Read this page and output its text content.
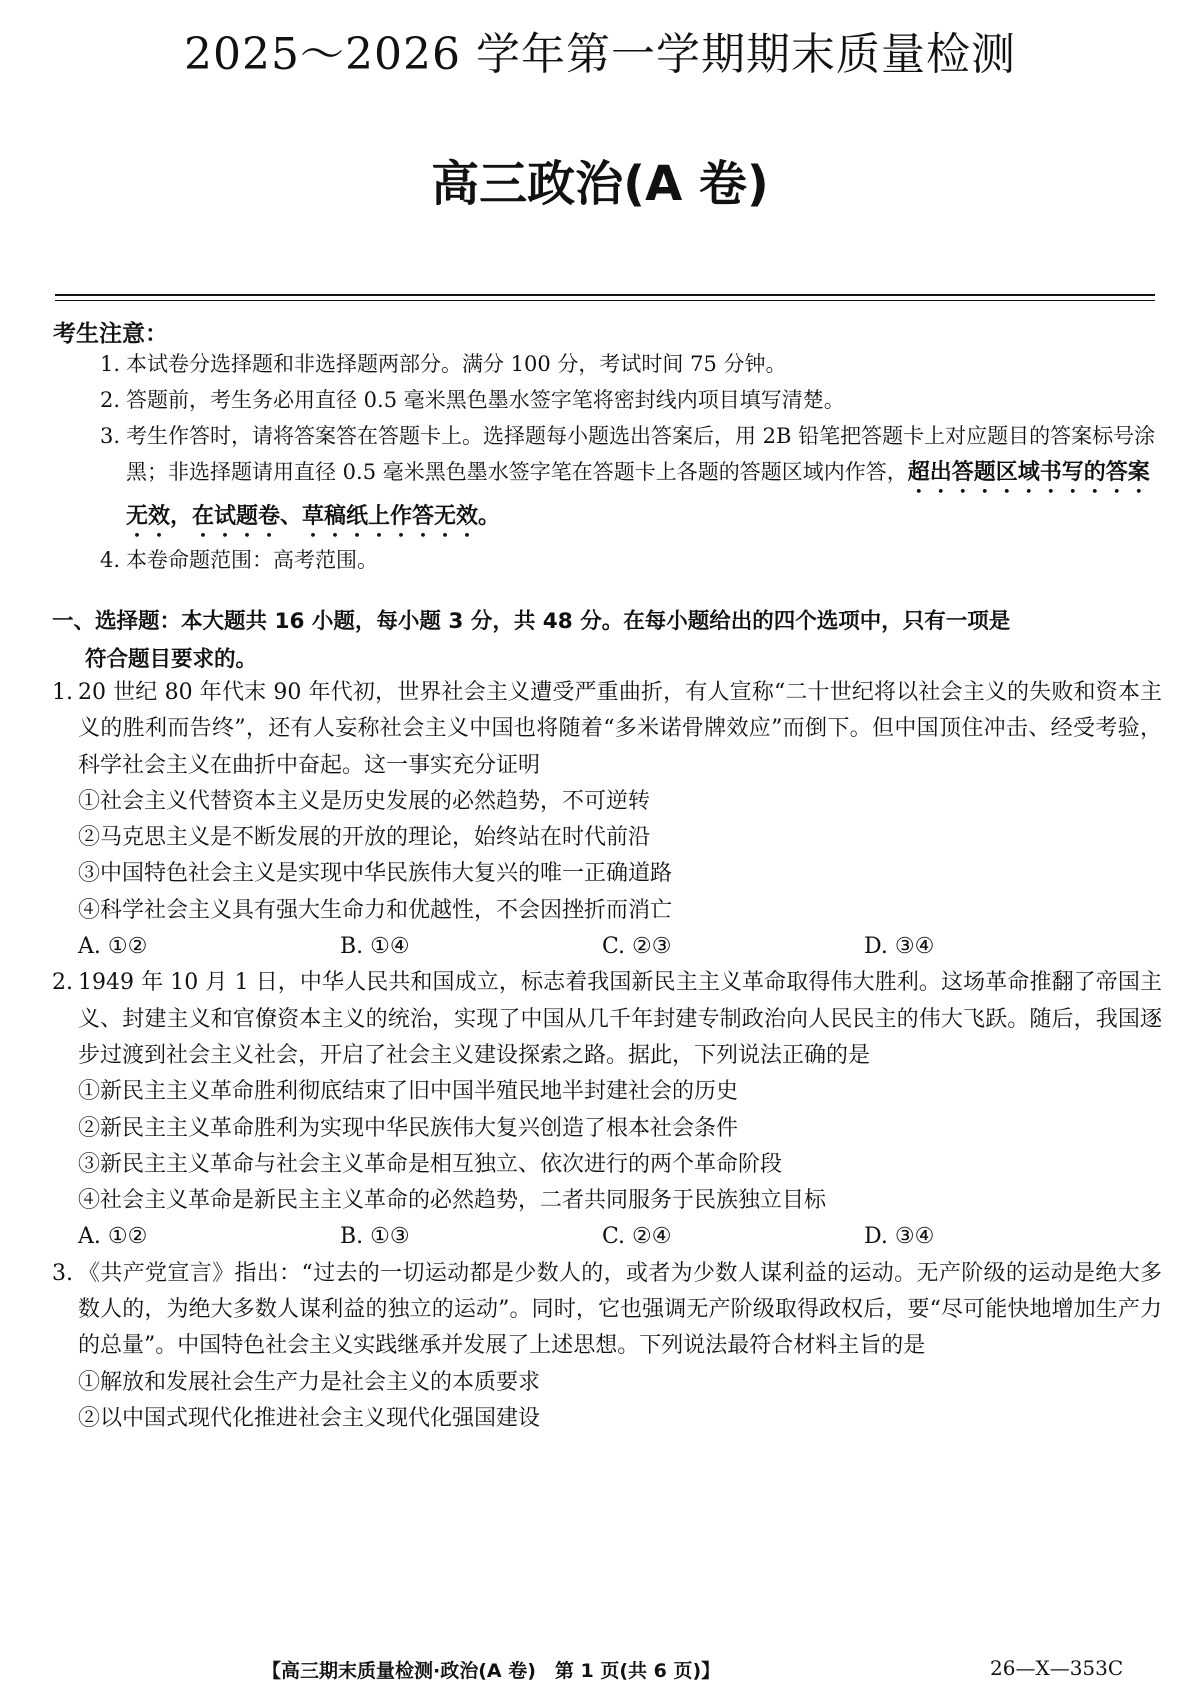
2025～2026 学年第一学期期末质量检测
高三政治(A 卷)
考生注意：
1. 本试卷分选择题和非选择题两部分。满分 100 分，考试时间 75 分钟。
2. 答题前，考生务必用直径 0.5 毫米黑色墨水签字笔将密封线内项目填写清楚。
3. 考生作答时，请将答案答在答题卡上。选择题每小题选出答案后，用 2B 铅笔把答题卡上对应题目的答案标号涂黑；非选择题请用直径 0.5 毫米黑色墨水签字笔在答题卡上各题的答题区域内作答，超出答题区域书写的答案无效，在试题卷、草稿纸上作答无效。
4. 本卷命题范围：高考范围。
一、选择题：本大题共 16 小题，每小题 3 分，共 48 分。在每小题给出的四个选项中，只有一项是
符合题目要求的。
1. 20 世纪 80 年代末 90 年代初，世界社会主义遭受严重曲折，有人宣称“二十世纪将以社会主义的失败和资本主义的胜利而告终”，还有人妄称社会主义中国也将随着“多米诺骨牌效应”而倒下。但中国顶住冲击、经受考验，科学社会主义在曲折中奋起。这一事实充分证明
①社会主义代替资本主义是历史发展的必然趋势，不可逆转
②马克思主义是不断发展的开放的理论，始终站在时代前沿
③中国特色社会主义是实现中华民族伟大复兴的唯一正确道路
④科学社会主义具有强大生命力和优越性，不会因挫折而消亡
A. ①②	B. ①④	C. ②③	D. ③④
2. 1949 年 10 月 1 日，中华人民共和国成立，标志着我国新民主主义革命取得伟大胜利。这场革命推翻了帝国主义、封建主义和官僚资本主义的统治，实现了中国从几千年封建专制政治向人民民主的伟大飞跃。随后，我国逐步过渡到社会主义社会，开启了社会主义建设探索之路。据此，下列说法正确的是
①新民主主义革命胜利彻底结束了旧中国半殖民地半封建社会的历史
②新民主主义革命胜利为实现中华民族伟大复兴创造了根本社会条件
③新民主主义革命与社会主义革命是相互独立、依次进行的两个革命阶段
④社会主义革命是新民主主义革命的必然趋势，二者共同服务于民族独立目标
A. ①②	B. ①③	C. ②④	D. ③④
3. 《共产党宣言》指出：“过去的一切运动都是少数人的，或者为少数人谋利益的运动。无产阶级的运动是绝大多数人的，为绝大多数人谋利益的独立的运动”。同时，它也强调无产阶级取得政权后，要“尽可能快地增加生产力的总量”。中国特色社会主义实践继承并发展了上述思想。下列说法最符合材料主旨的是
①解放和发展社会生产力是社会主义的本质要求
②以中国式现代化推进社会主义现代化强国建设
【高三期末质量检测·政治(A 卷)　第 1 页(共 6 页)】	26—X—353C
